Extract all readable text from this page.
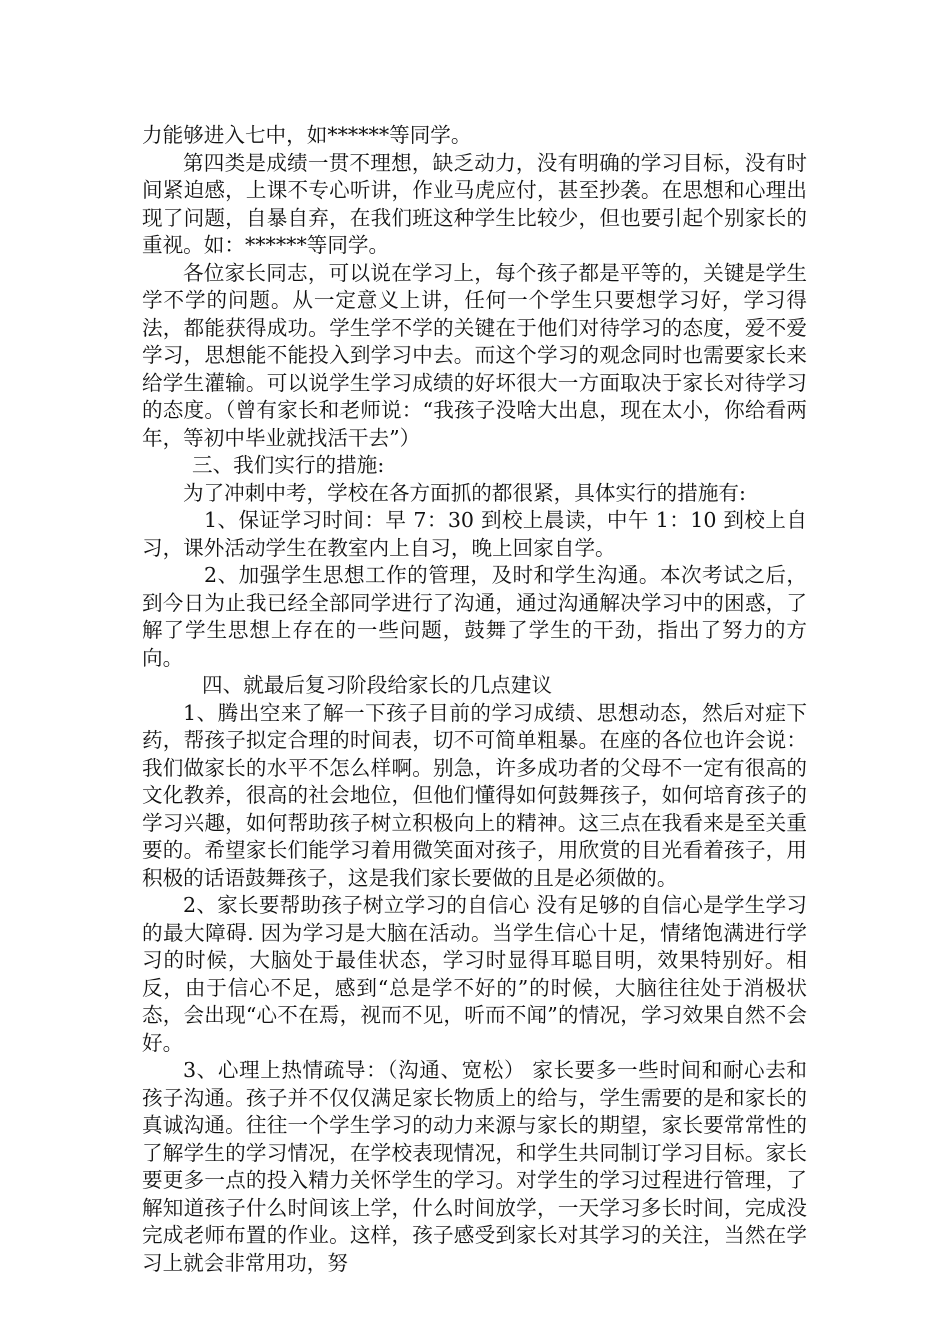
力能够进入七中，如******等同学。

第四类是成绩一贯不理想，缺乏动力，没有明确的学习目标，没有时间紧迫感，上课不专心听讲，作业马虎应付，甚至抄袭。在思想和心理出现了问题，自暴自弃，在我们班这种学生比较少，但也要引起个别家长的重视。如：******等同学。

各位家长同志，可以说在学习上，每个孩子都是平等的，关键是学生学不学的问题。从一定意义上讲，任何一个学生只要想学习好，学习得法，都能获得成功。学生学不学的关键在于他们对待学习的态度，爱不爱学习，思想能不能投入到学习中去。而这个学习的观念同时也需要家长来给学生灌输。可以说学生学习成绩的好坏很大一方面取决于家长对待学习的态度。（曾有家长和老师说：“我孩子没啥大出息，现在太小，你给看两年，等初中毕业就找活干去”）

三、我们实行的措施:

为了冲刺中考，学校在各方面抓的都很紧，具体实行的措施有:

1、保证学习时间：早 7：30 到校上晨读，中午 1：10 到校上自习，课外活动学生在教室内上自习，晚上回家自学。

2、加强学生思想工作的管理，及时和学生沟通。本次考试之后，到今日为止我已经全部同学进行了沟通，通过沟通解决学习中的困惑，了解了学生思想上存在的一些问题，鼓舞了学生的干劲，指出了努力的方向。

四、就最后复习阶段给家长的几点建议

1、腾出空来了解一下孩子目前的学习成绩、思想动态，然后对症下药，帮孩子拟定合理的时间表，切不可简单粗暴。在座的各位也许会说：我们做家长的水平不怎么样啊。别急，许多成功者的父母不一定有很高的文化教养，很高的社会地位，但他们懂得如何鼓舞孩子，如何培育孩子的学习兴趣，如何帮助孩子树立积极向上的精神。这三点在我看来是至关重要的。希望家长们能学习着用微笑面对孩子，用欣赏的目光看着孩子，用积极的话语鼓舞孩子，这是我们家长要做的且是必须做的。

2、家长要帮助孩子树立学习的自信心 没有足够的自信心是学生学习的最大障碍. 因为学习是大脑在活动。当学生信心十足，情绪饱满进行学习的时候，大脑处于最佳状态，学习时显得耳聪目明，效果特别好。相反，由于信心不足，感到“总是学不好的”的时候，大脑往往处于消极状态，会出现“心不在焉，视而不见，听而不闻”的情况，学习效果自然不会好。

3、心理上热情疏导：（沟通、宽松） 家长要多一些时间和耐心去和孩子沟通。孩子并不仅仅满足家长物质上的给与，学生需要的是和家长的真诚沟通。往往一个学生学习的动力来源与家长的期望，家长要常常性的了解学生的学习情况，在学校表现情况，和学生共同制订学习目标。家长要更多一点的投入精力关怀学生的学习。对学生的学习过程进行管理，了解知道孩子什么时间该上学，什么时间放学，一天学习多长时间，完成没完成老师布置的作业。这样，孩子感受到家长对其学习的关注，当然在学习上就会非常用功，努
